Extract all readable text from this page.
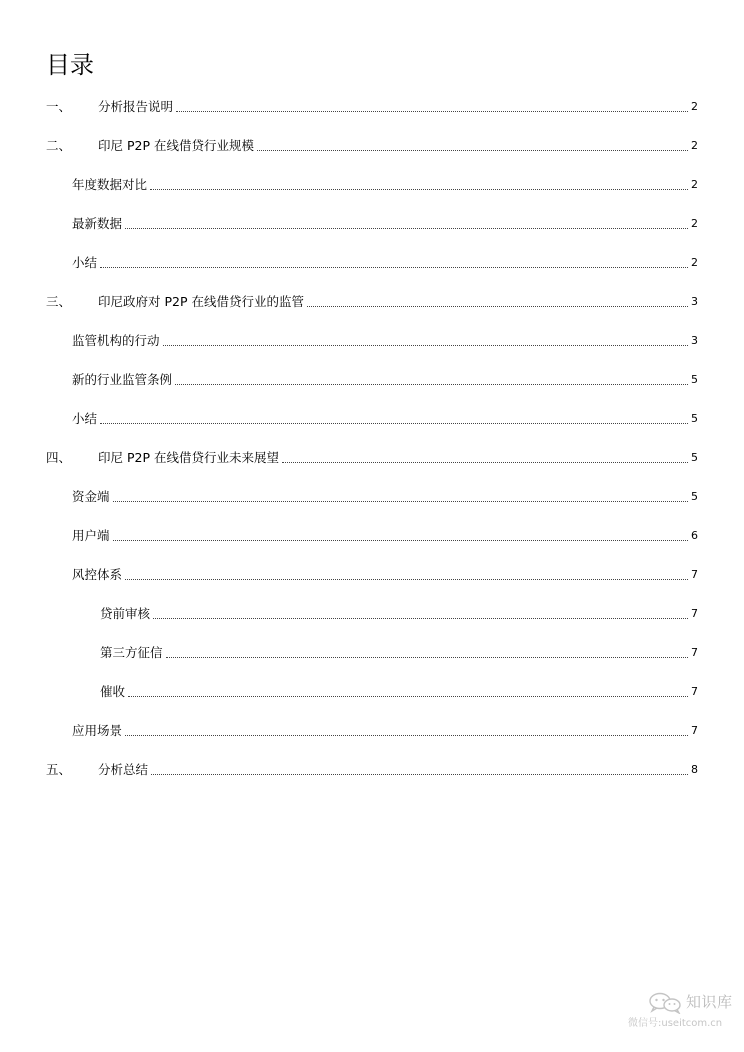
目录
一、 分析报告说明	2
二、 印尼 P2P 在线借贷行业规模	2
年度数据对比	2
最新数据	2
小结	2
三、 印尼政府对 P2P 在线借贷行业的监管	3
监管机构的行动	3
新的行业监管条例	5
小结	5
四、 印尼 P2P 在线借贷行业未来展望	5
资金端	5
用户端	6
风控体系	7
贷前审核	7
第三方征信	7
催收	7
应用场景	7
五、 分析总结	8
知识库
微信号:useitcom.cn
